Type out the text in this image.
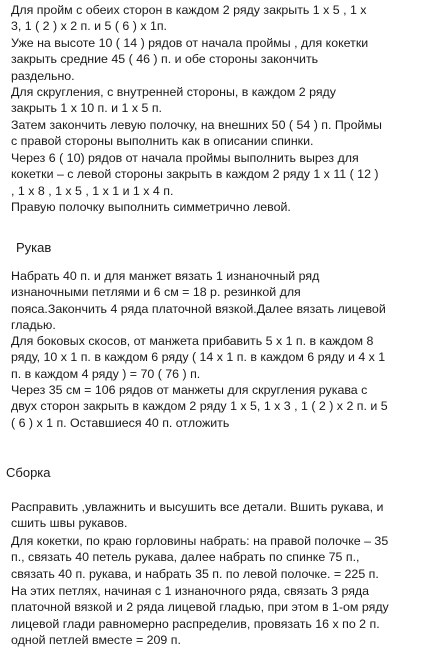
Для пройм с обеих сторон в каждом 2 ряду закрыть 1 х 5 , 1 х
3, 1 ( 2 ) х 2 п. и 5 ( 6 ) х 1п.
Уже на высоте 10 ( 14 ) рядов от начала проймы , для кокетки
закрыть средние 45 ( 46 ) п. и обе стороны закончить
раздельно.
Для скругления, с внутренней стороны, в каждом 2 ряду
закрыть 1 х 10 п. и 1 х 5 п.
Затем закончить левую полочку, на внешних 50 ( 54 ) п. Проймы
с правой стороны выполнить как в описании спинки.
Через 6 ( 10) рядов от начала проймы выполнить вырез для
кокетки – с левой стороны закрыть в каждом 2 ряду 1 х 11 ( 12 )
, 1 х 8 , 1 х 5 , 1 х 1 и 1 х 4 п.
Правую полочку выполнить симметрично левой.
Рукав
Набрать 40 п. и для манжет вязать 1 изнаночный ряд
изнаночными петлями и 6 см = 18 р. резинкой для
пояса.Закончить 4 ряда платочной вязкой.Далее вязать лицевой
гладью.
Для боковых скосов, от манжета прибавить 5 х 1 п. в каждом 8
ряду, 10 х 1 п. в каждом 6 ряду ( 14 х 1 п. в каждом 6 ряду и 4 х 1
п. в каждом 4 ряду ) = 70 ( 76 ) п.
Через 35 см = 106 рядов от манжеты для скругления рукава с
двух сторон закрыть в каждом 2 ряду 1 х 5, 1 х 3 , 1 ( 2 ) х 2 п. и 5
( 6 ) х 1 п. Оставшиеся 40 п. отложить
Сборка
Расправить ,увлажнить и высушить все детали. Вшить рукава, и
сшить швы рукавов.
Для кокетки, по краю горловины набрать: на правой полочке – 35
п., связать 40 петель рукава, далее набрать по спинке 75 п.,
связать 40 п. рукава, и набрать 35 п. по левой полочке. = 225 п.
На этих петлях, начиная с 1 изнаночного ряда, связать 3 ряда
платочной вязкой и 2 ряда лицевой гладью, при этом в 1-ом ряду
лицевой глади равномерно распределив, провязать 16 х по 2 п.
одной петлей вместе = 209 п.
